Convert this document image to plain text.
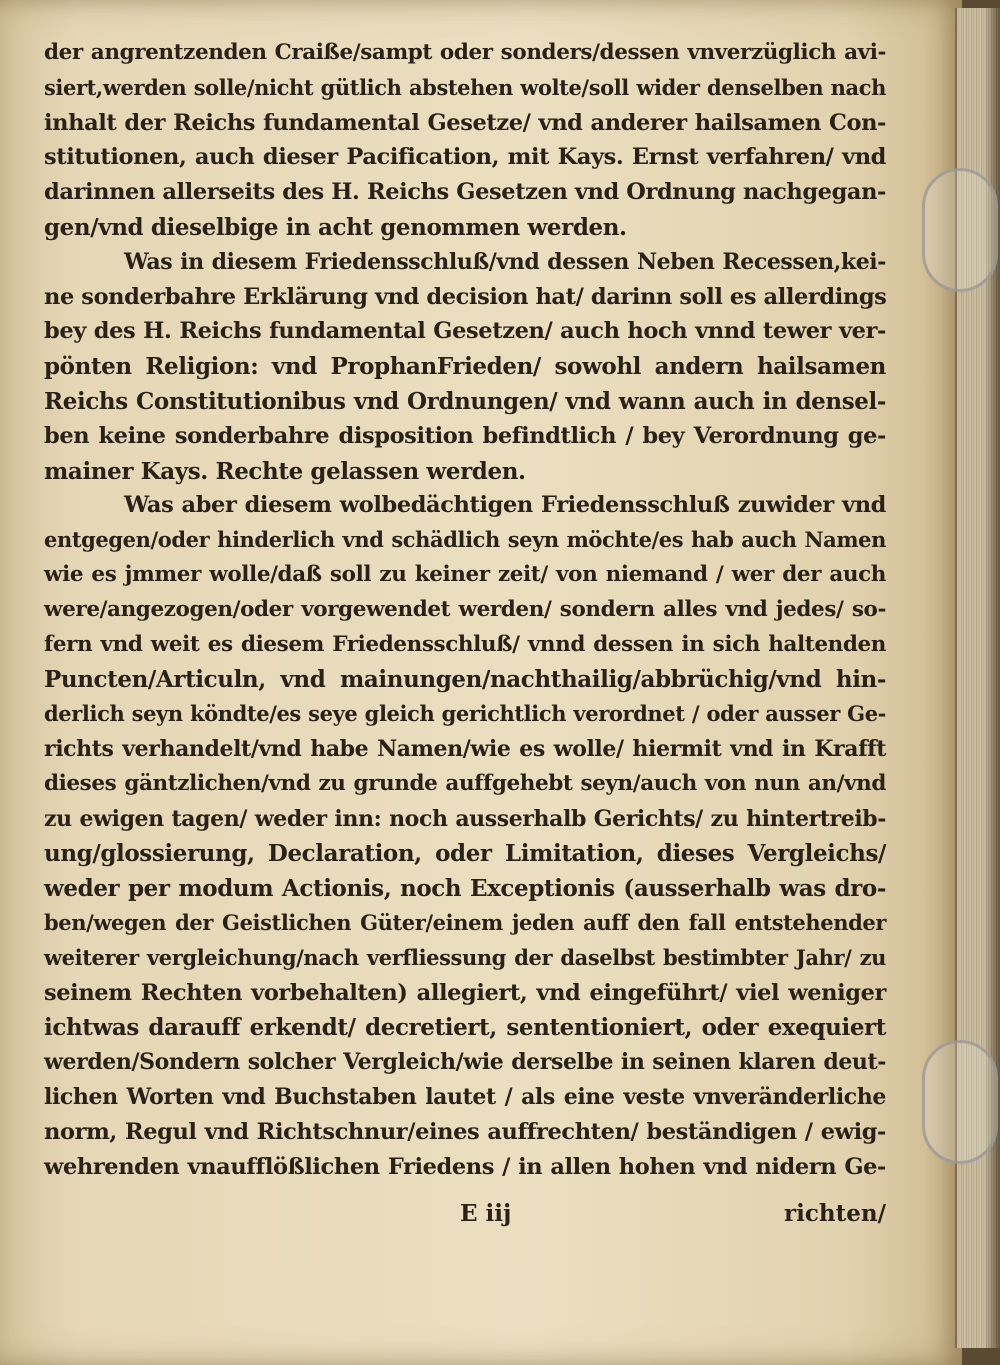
der angrentzenden Craiße/sampt oder sonders/dessen vnverzüglich avi-
siert,werden solle/nicht gütlich abstehen wolte/soll wider denselben nach
inhalt der Reichs fundamental Gesetze/ vnd anderer hailsamen Con-
stitutionen, auch dieser Pacification, mit Kays. Ernst verfahren/ vnd
darinnen allerseits des H. Reichs Gesetzen vnd Ordnung nachgegan-
gen/vnd dieselbige in acht genommen werden.
Was in diesem Friedensschluß/vnd dessen Neben Recessen,kei-
ne sonderbahre Erklärung vnd decision hat/ darinn soll es allerdings
bey des H. Reichs fundamental Gesetzen/ auch hoch vnnd tewer ver-
pönten Religion: vnd ProphanFrieden/ sowohl andern hailsamen
Reichs Constitutionibus vnd Ordnungen/ vnd wann auch in densel-
ben keine sonderbahre disposition befindtlich / bey Verordnung ge-
mainer Kays. Rechte gelassen werden.
Was aber diesem wolbedächtigen Friedensschluß zuwider vnd
entgegen/oder hinderlich vnd schädlich seyn möchte/es hab auch Namen
wie es jmmer wolle/daß soll zu keiner zeit/ von niemand / wer der auch
were/angezogen/oder vorgewendet werden/ sondern alles vnd jedes/ so-
fern vnd weit es diesem Friedensschluß/ vnnd dessen in sich haltenden
Puncten/Articuln, vnd mainungen/nachthailig/abbrüchig/vnd hin-
derlich seyn köndte/es seye gleich gerichtlich verordnet / oder ausser Ge-
richts verhandelt/vnd habe Namen/wie es wolle/ hiermit vnd in Krafft
dieses gäntzlichen/vnd zu grunde auffgehebt seyn/auch von nun an/vnd
zu ewigen tagen/ weder inn: noch ausserhalb Gerichts/ zu hintertreib-
ung/glossierung, Declaration, oder Limitation, dieses Vergleichs/
weder per modum Actionis, noch Exceptionis (ausserhalb was dro-
ben/wegen der Geistlichen Güter/einem jeden auff den fall entstehender
weiterer vergleichung/nach verfliessung der daselbst bestimbter Jahr/ zu
seinem Rechten vorbehalten) allegiert, vnd eingeführt/ viel weniger
ichtwas darauff erkendt/ decretiert, sententioniert, oder exequiert
werden/Sondern solcher Vergleich/wie derselbe in seinen klaren deut-
lichen Worten vnd Buchstaben lautet / als eine veste vnveränderliche
norm, Regul vnd Richtschnur/eines auffrechten/ beständigen / ewig-
wehrenden vnaufflößlichen Friedens / in allen hohen vnd nidern Ge-
E iij	richten/
